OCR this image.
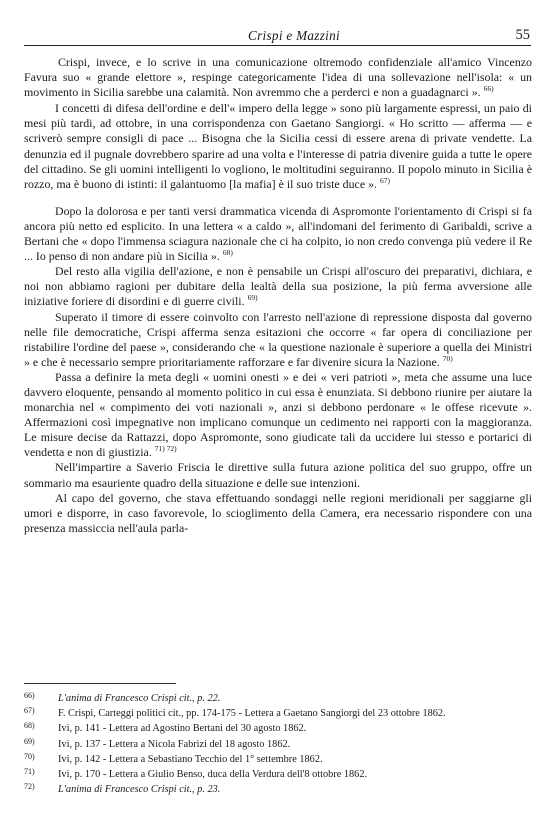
Crispi e Mazzini	55

Crispi, invece, e lo scrive in una comunicazione oltremodo confidenziale all'amico Vincenzo Favura suo « grande elettore », respinge categoricamente l'idea di una sollevazione nell'isola: « un movimento in Sicilia sarebbe una calamità. Non avremmo che a perderci e non a guadagnarci ». $^{66)}$

I concetti di difesa dell'ordine e dell'« impero della legge » sono più largamente espressi, un paio di mesi più tardi, ad ottobre, in una corrispondenza con Gaetano Sangiorgi. « Ho scritto — afferma — e scriverò sempre consigli di pace ... Bisogna che la Sicilia cessi di essere arena di private vendette. La denunzia ed il pugnale dovrebbero sparire ad una volta e l'interesse di patria divenire guida a tutte le opere del cittadino. Se gli uomini intelligenti lo vogliono, le moltitudini seguiranno. Il popolo minuto in Sicilia è rozzo, ma è buono di istinti: il galantuomo [la mafia] è il suo triste duce ». $^{67)}$

Dopo la dolorosa e per tanti versi drammatica vicenda di Aspromonte l'orientamento di Crispi si fa ancora più netto ed esplicito. In una lettera « a caldo », all'indomani del ferimento di Garibaldi, scrive a Bertani che « dopo l'immensa sciagura nazionale che ci ha colpito, io non credo convenga più vedere il Re ... Io penso di non andare più in Sicilia ». $^{68)}$

Del resto alla vigilia dell'azione, e non è pensabile un Crispi all'oscuro dei preparativi, dichiara, e noi non abbiamo ragioni per dubitare della lealtà della sua posizione, la più ferma avversione alle iniziative foriere di disordini e di guerre civili. $^{69)}$

Superato il timore di essere coinvolto con l'arresto nell'azione di repressione disposta dal governo nelle file democratiche, Crispi afferma senza esitazioni che occorre « far opera di conciliazione per ristabilire l'ordine del paese », considerando che « la questione nazionale è superiore a quella dei Ministri » e che è necessario sempre prioritariamente rafforzare e far divenire sicura la Nazione. $^{70)}$

Passa a definire la meta degli « uomini onesti » e dei « veri patrioti », meta che assume una luce davvero eloquente, pensando al momento politico in cui essa è enunziata. Si debbono riunire per aiutare la monarchia nel « compimento dei voti nazionali », anzi si debbono perdonare « le offese ricevute ». Affermazioni così impegnative non implicano comunque un cedimento nei rapporti con la maggioranza. Le misure decise da Rattazzi, dopo Aspromonte, sono giudicate tali da uccidere lui stesso e portarici di vendetta e non di giustizia. $^{71) 72)}$

Nell'impartire a Saverio Friscia le direttive sulla futura azione politica del suo gruppo, offre un sommario ma esauriente quadro della situazione e delle sue intenzioni.

Al capo del governo, che stava effettuando sondaggi nelle regioni meridionali per saggiarne gli umori e disporre, in caso favorevole, lo scioglimento della Camera, era necessario rispondere con una presenza massiccia nell'aula parla-

66) L'anima di Francesco Crispi cit., p. 22.
67) F. Crispi, Carteggi politici cit., pp. 174-175 - Lettera a Gaetano Sangiorgi del 23 ottobre 1862.
68) Ivi, p. 141 - Lettera ad Agostino Bertani del 30 agosto 1862.
69) Ivi, p. 137 - Lettera a Nicola Fabrizi del 18 agosto 1862.
70) Ivi, p. 142 - Lettera a Sebastiano Tecchio del 1° settembre 1862.
71) Ivi, p. 170 - Lettera a Giulio Benso, duca della Verdura dell'8 ottobre 1862.
72) L'anima di Francesco Crispi cit., p. 23.
